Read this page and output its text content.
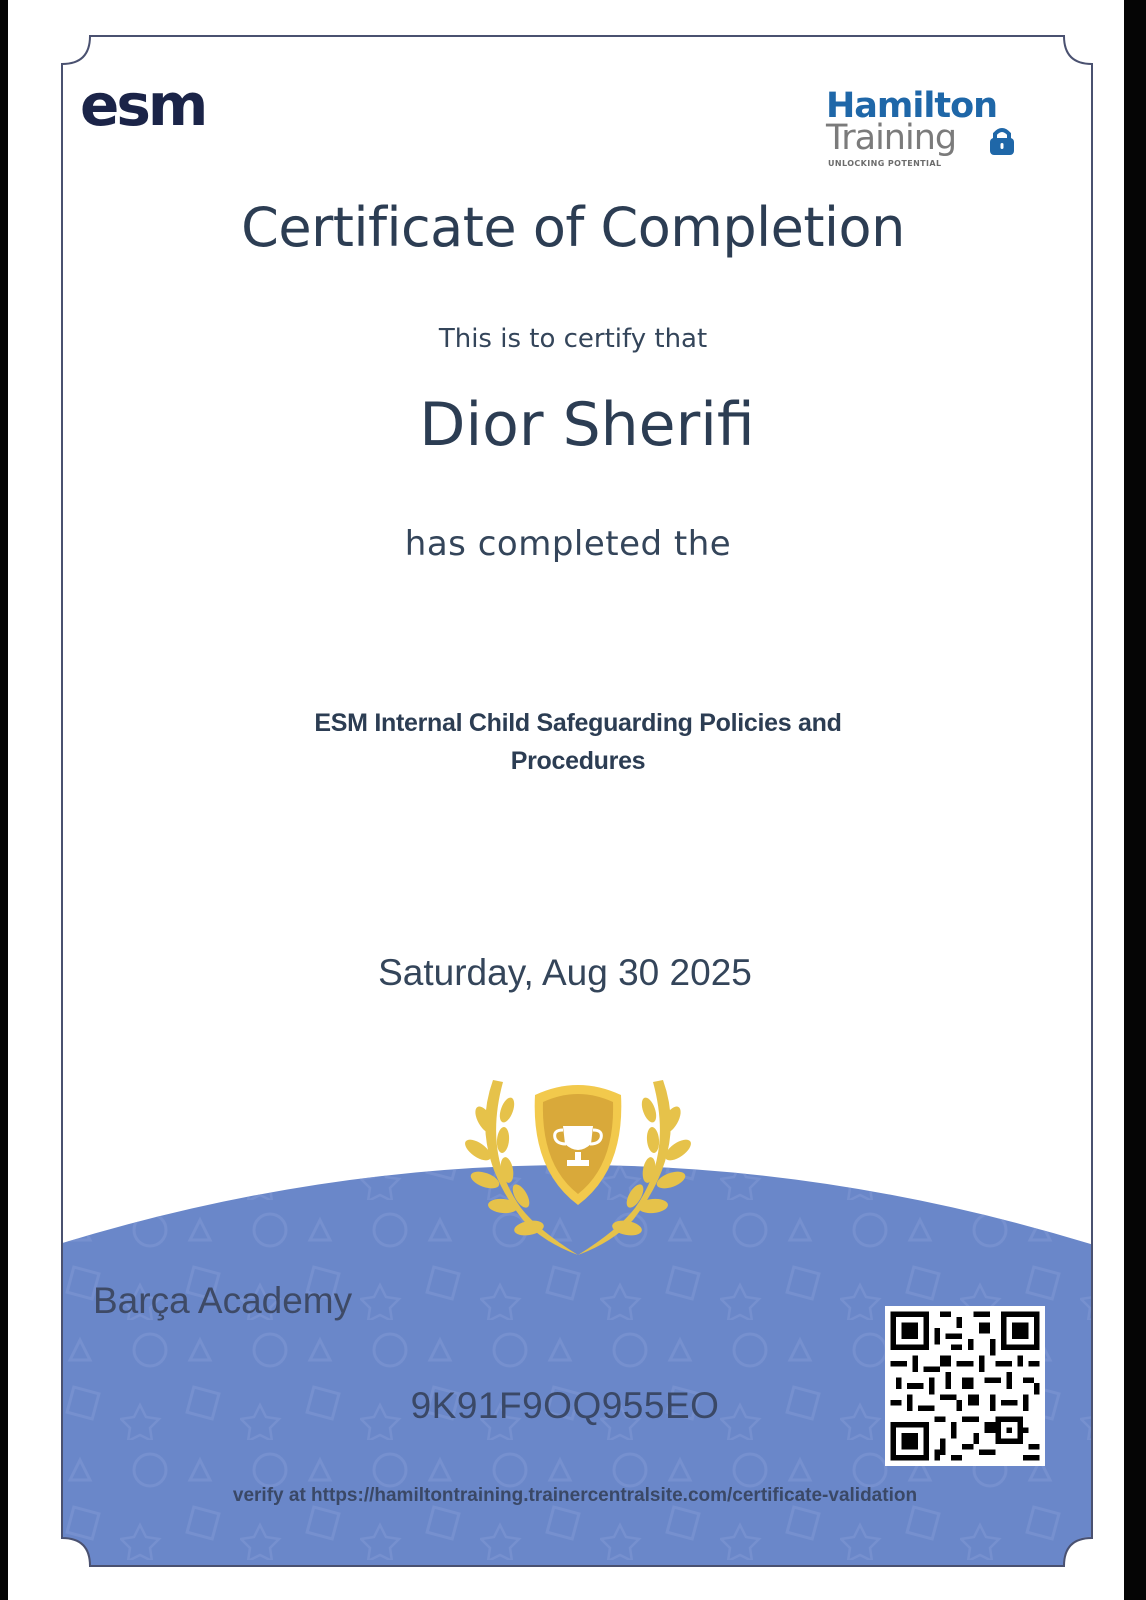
esm	Hamilton
Training
UNLOCKING POTENTIAL
Certificate of Completion
This is to certify that
Dior Sherifi
has completed the
ESM Internal Child Safeguarding Policies and Procedures
Saturday, Aug 30 2025
Barça Academy
9K91F9OQ955EO
verify at https://hamiltontraining.trainercentralsite.com/certificate-validation
